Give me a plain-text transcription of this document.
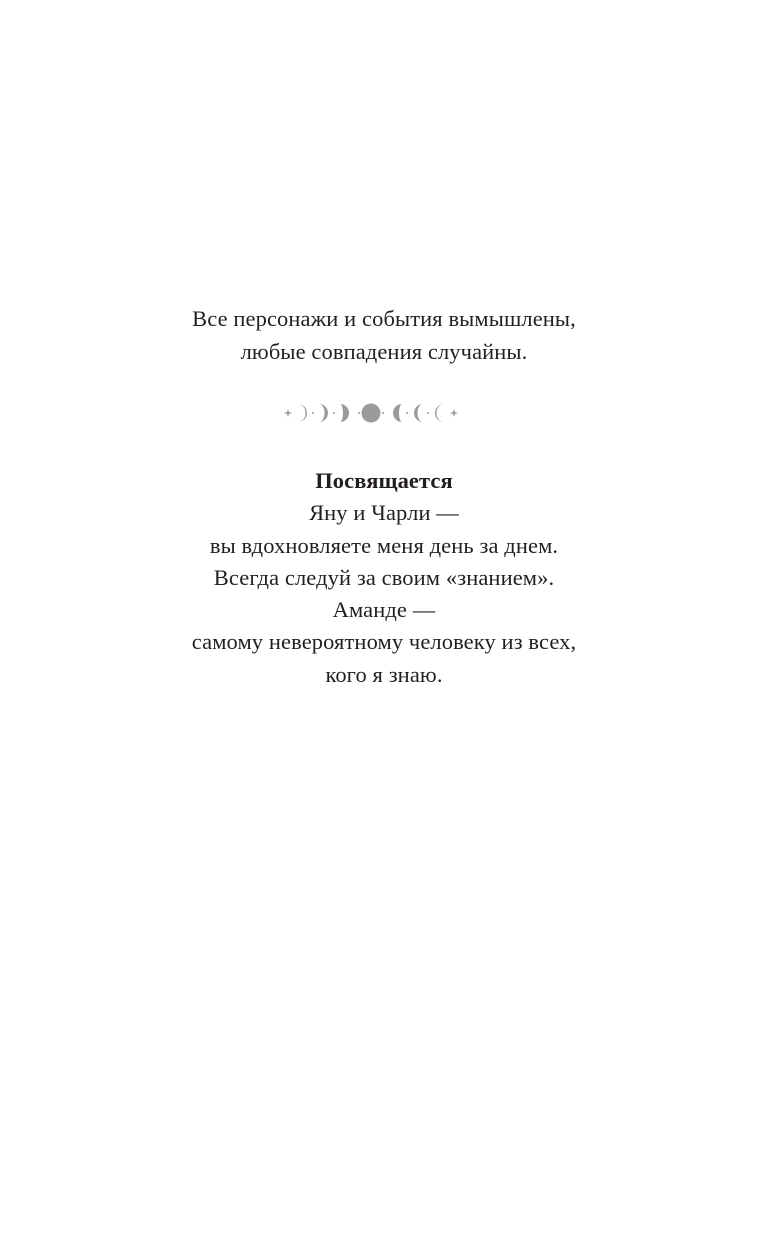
Все персонажи и события вымышлены,
любые совпадения случайны.
Посвящается
Яну и Чарли —
вы вдохновляете меня день за днем.
Всегда следуй за своим «знанием».
Аманде —
самому невероятному человеку из всех,
кого я знаю.
